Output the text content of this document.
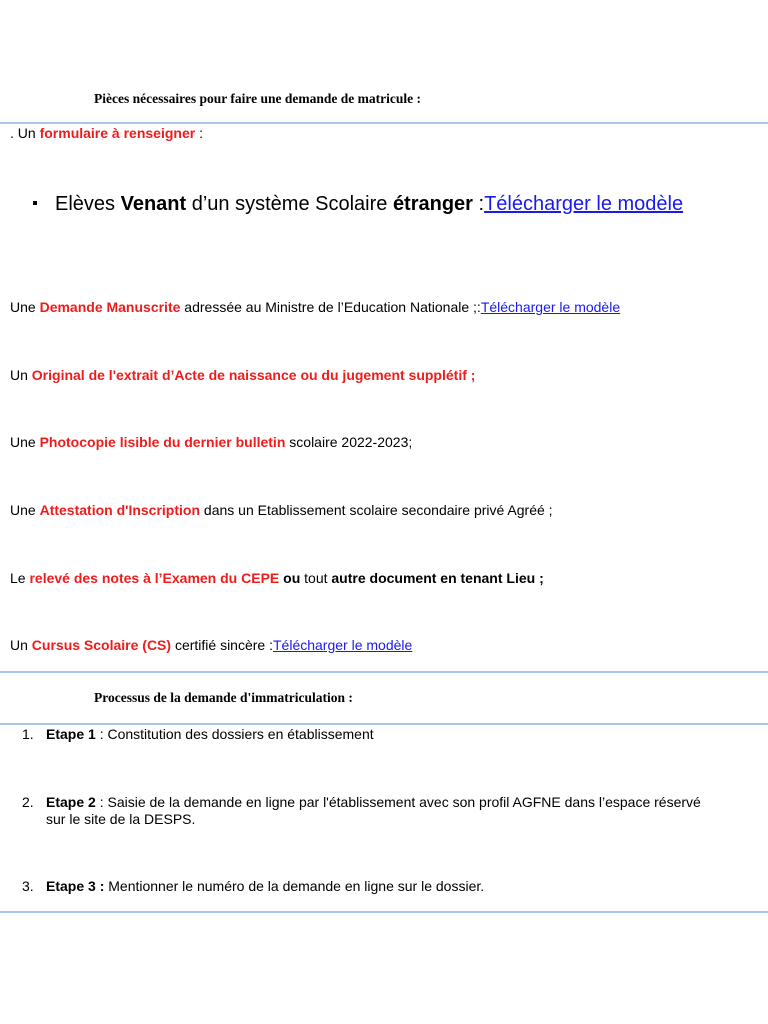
Pièces nécessaires pour faire une demande de matricule :
. Un formulaire à renseigner :
Elèves Venant d’un système Scolaire étranger :Télécharger le modèle
Une Demande Manuscrite adressée au Ministre de l’Education Nationale ;:Télécharger le modèle
Un Original de l'extrait d’Acte de naissance ou du jugement supplétif ;
Une Photocopie lisible du dernier bulletin scolaire 2022-2023;
Une Attestation d'Inscription dans un Etablissement scolaire secondaire privé Agréé ;
Le relevé des notes à l’Examen du CEPE ou tout autre document en tenant Lieu ;
Un Cursus Scolaire (CS) certifié sincère :Télécharger le modèle
Processus de la demande d'immatriculation :
1. Etape 1 : Constitution des dossiers en établissement
2. Etape 2 : Saisie de la demande en ligne par l'établissement avec son profil AGFNE dans l’espace réservé
sur le site de la DESPS.
3. Etape 3 : Mentionner le numéro de la demande en ligne sur le dossier.
